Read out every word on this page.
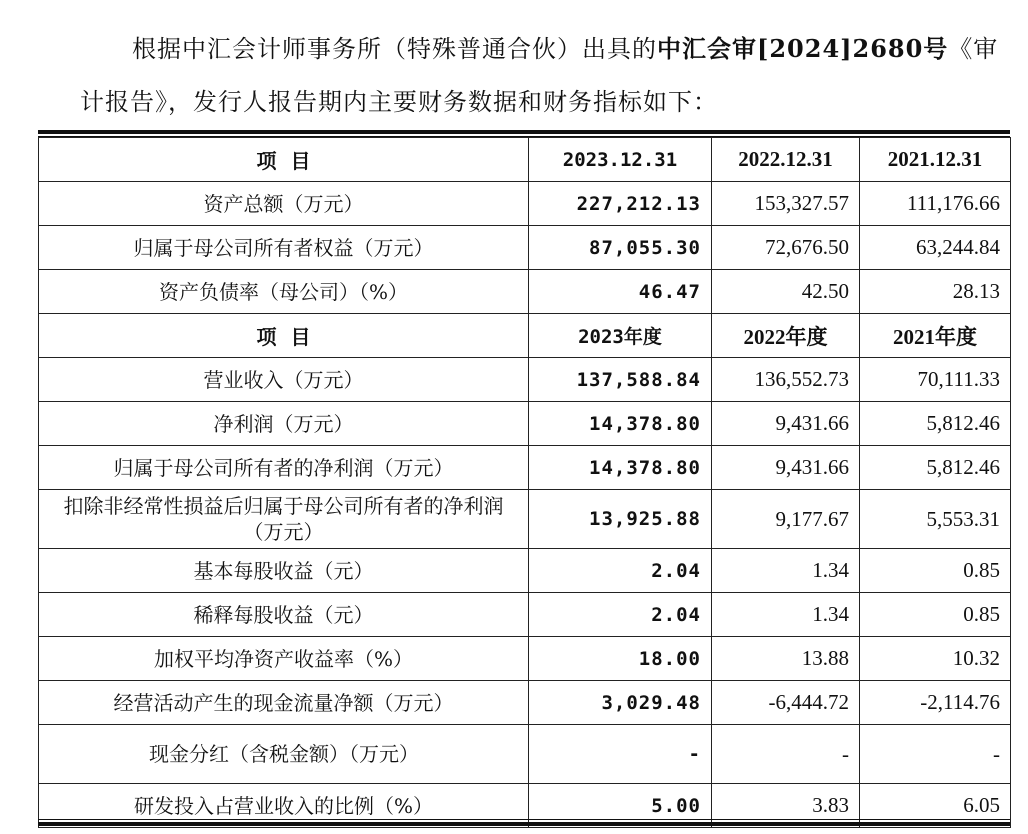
根据中汇会计师事务所（特殊普通合伙）出具的中汇会审[2024]2680号《审
计报告》，发行人报告期内主要财务数据和财务指标如下：
项  目	2023.12.31	2022.12.31	2021.12.31
资产总额（万元）	227,212.13	153,327.57	111,176.66
归属于母公司所有者权益（万元）	87,055.30	72,676.50	63,244.84
资产负债率（母公司）（%）	46.47	42.50	28.13
项  目	2023年度	2022年度	2021年度
营业收入（万元）	137,588.84	136,552.73	70,111.33
净利润（万元）	14,378.80	9,431.66	5,812.46
归属于母公司所有者的净利润（万元）	14,378.80	9,431.66	5,812.46
扣除非经常性损益后归属于母公司所有者的净利润（万元）	13,925.88	9,177.67	5,553.31
基本每股收益（元）	2.04	1.34	0.85
稀释每股收益（元）	2.04	1.34	0.85
加权平均净资产收益率（%）	18.00	13.88	10.32
经营活动产生的现金流量净额（万元）	3,029.48	-6,444.72	-2,114.76
现金分红（含税金额）（万元）	-	-	-
研发投入占营业收入的比例（%）	5.00	3.83	6.05
